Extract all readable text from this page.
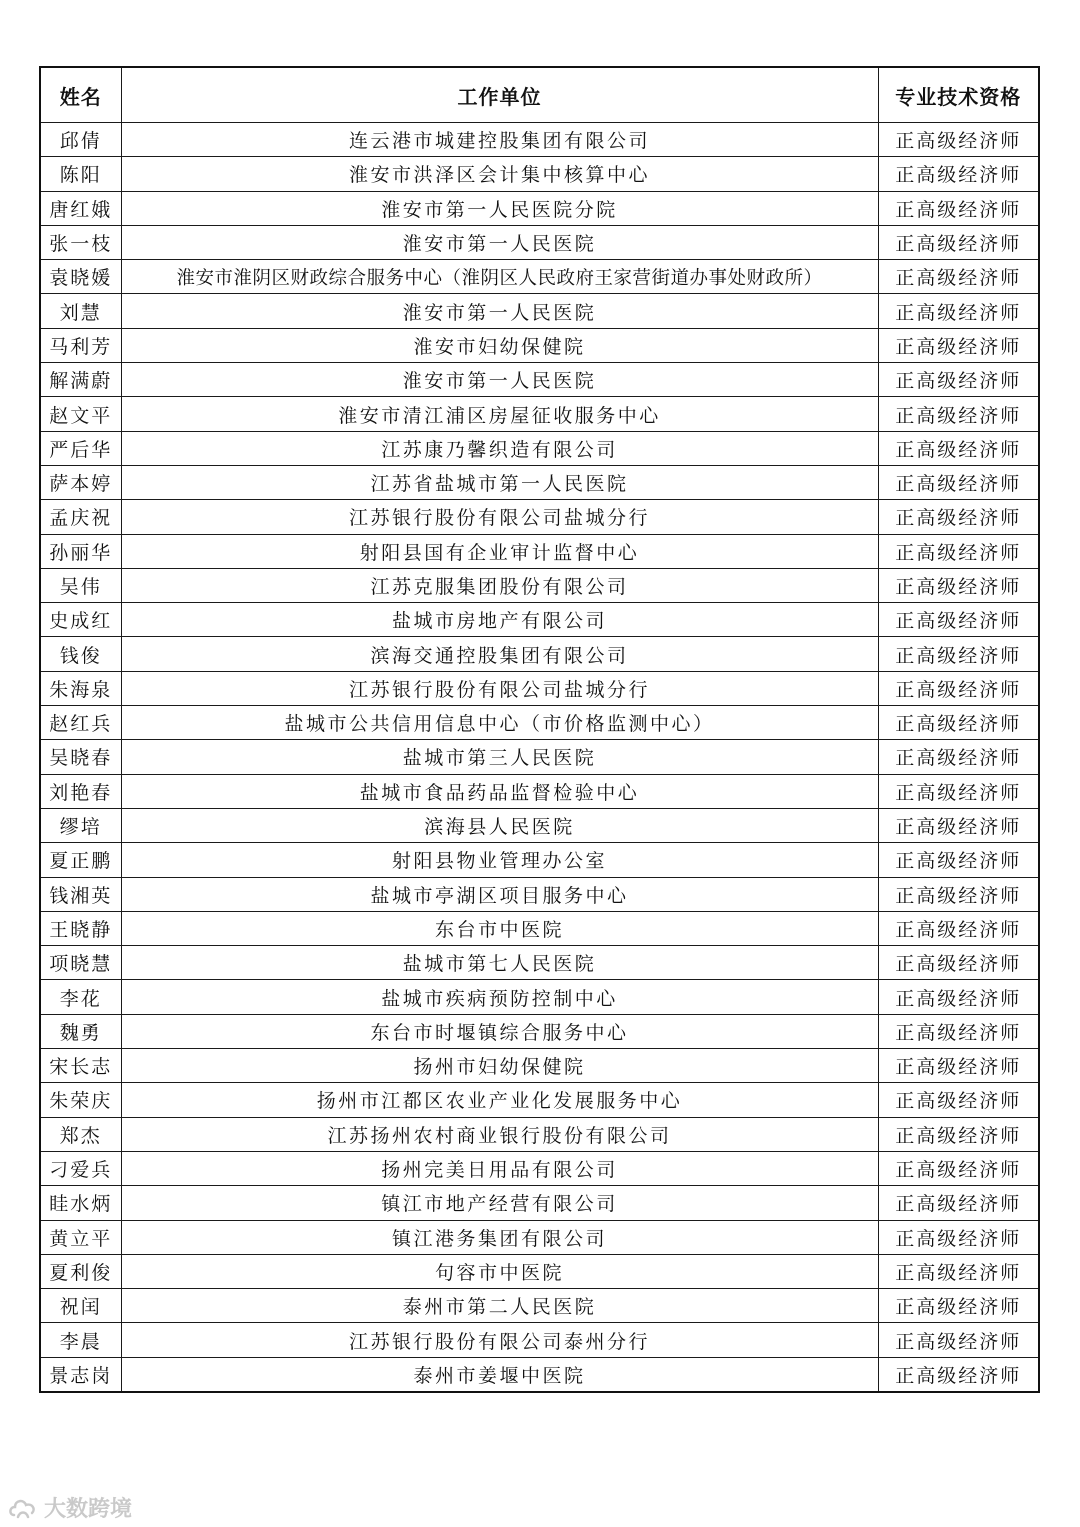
姓名	工作单位	专业技术资格
邱倩	连云港市城建控股集团有限公司	正高级经济师
陈阳	淮安市洪泽区会计集中核算中心	正高级经济师
唐红娥	淮安市第一人民医院分院	正高级经济师
张一枝	淮安市第一人民医院	正高级经济师
袁晓媛	淮安市淮阴区财政综合服务中心（淮阴区人民政府王家营街道办事处财政所）	正高级经济师
刘慧	淮安市第一人民医院	正高级经济师
马利芳	淮安市妇幼保健院	正高级经济师
解满蔚	淮安市第一人民医院	正高级经济师
赵文平	淮安市清江浦区房屋征收服务中心	正高级经济师
严后华	江苏康乃馨织造有限公司	正高级经济师
萨本婷	江苏省盐城市第一人民医院	正高级经济师
孟庆祝	江苏银行股份有限公司盐城分行	正高级经济师
孙丽华	射阳县国有企业审计监督中心	正高级经济师
吴伟	江苏克服集团股份有限公司	正高级经济师
史成红	盐城市房地产有限公司	正高级经济师
钱俊	滨海交通控股集团有限公司	正高级经济师
朱海泉	江苏银行股份有限公司盐城分行	正高级经济师
赵红兵	盐城市公共信用信息中心（市价格监测中心）	正高级经济师
吴晓春	盐城市第三人民医院	正高级经济师
刘艳春	盐城市食品药品监督检验中心	正高级经济师
缪培	滨海县人民医院	正高级经济师
夏正鹏	射阳县物业管理办公室	正高级经济师
钱湘英	盐城市亭湖区项目服务中心	正高级经济师
王晓静	东台市中医院	正高级经济师
项晓慧	盐城市第七人民医院	正高级经济师
李花	盐城市疾病预防控制中心	正高级经济师
魏勇	东台市时堰镇综合服务中心	正高级经济师
宋长志	扬州市妇幼保健院	正高级经济师
朱荣庆	扬州市江都区农业产业化发展服务中心	正高级经济师
郑杰	江苏扬州农村商业银行股份有限公司	正高级经济师
刁爱兵	扬州完美日用品有限公司	正高级经济师
眭水炳	镇江市地产经营有限公司	正高级经济师
黄立平	镇江港务集团有限公司	正高级经济师
夏利俊	句容市中医院	正高级经济师
祝闰	泰州市第二人民医院	正高级经济师
李晨	江苏银行股份有限公司泰州分行	正高级经济师
景志岗	泰州市姜堰中医院	正高级经济师
大数跨境
